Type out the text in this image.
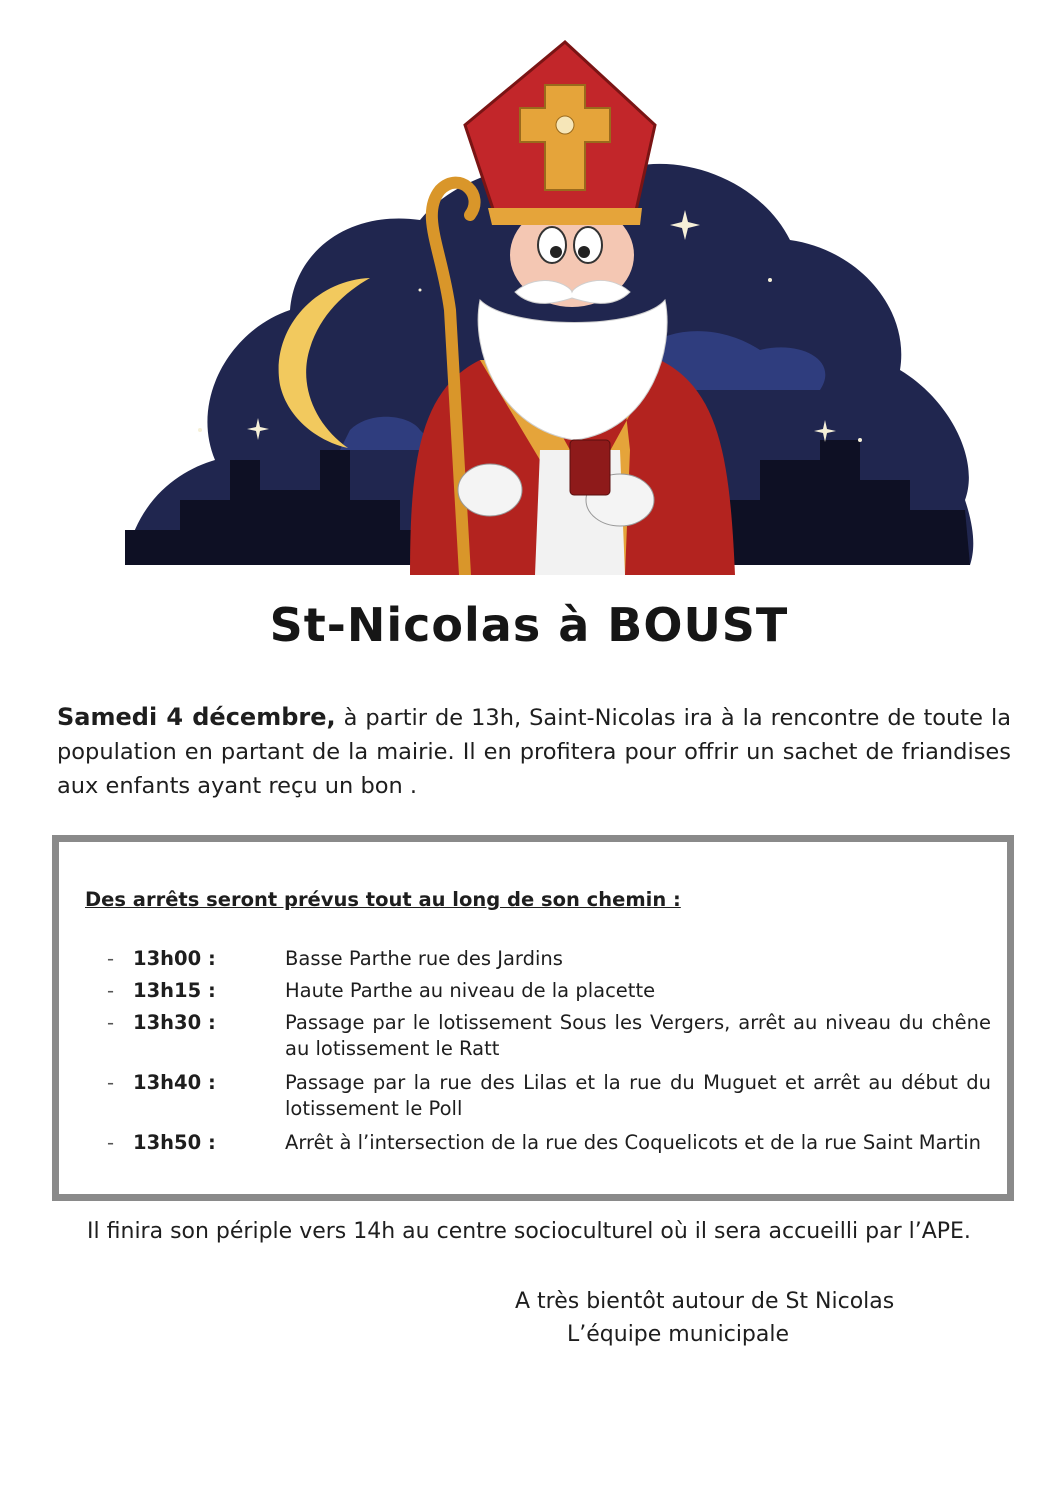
St-Nicolas à BOUST

Samedi 4 décembre, à partir de 13h, Saint-Nicolas ira à la rencontre de toute la population en partant de la mairie. Il en profitera pour offrir un sachet de friandises aux enfants ayant reçu un bon .

Des arrêts seront prévus tout au long de son chemin :
- 13h00 :	Basse Parthe rue des Jardins
- 13h15 :	Haute Parthe au niveau de la placette
- 13h30 :	Passage par le lotissement Sous les Vergers, arrêt au niveau du chêne au lotissement le Ratt
- 13h40 :	Passage par la rue des Lilas et la rue du Muguet et arrêt au début du lotissement le Poll
- 13h50 :	Arrêt à l’intersection de la rue des Coquelicots et de la rue Saint Martin
Il finira son périple vers 14h au centre socioculturel où il sera accueilli par l’APE.
A très bientôt autour de St Nicolas
L’équipe municipale
